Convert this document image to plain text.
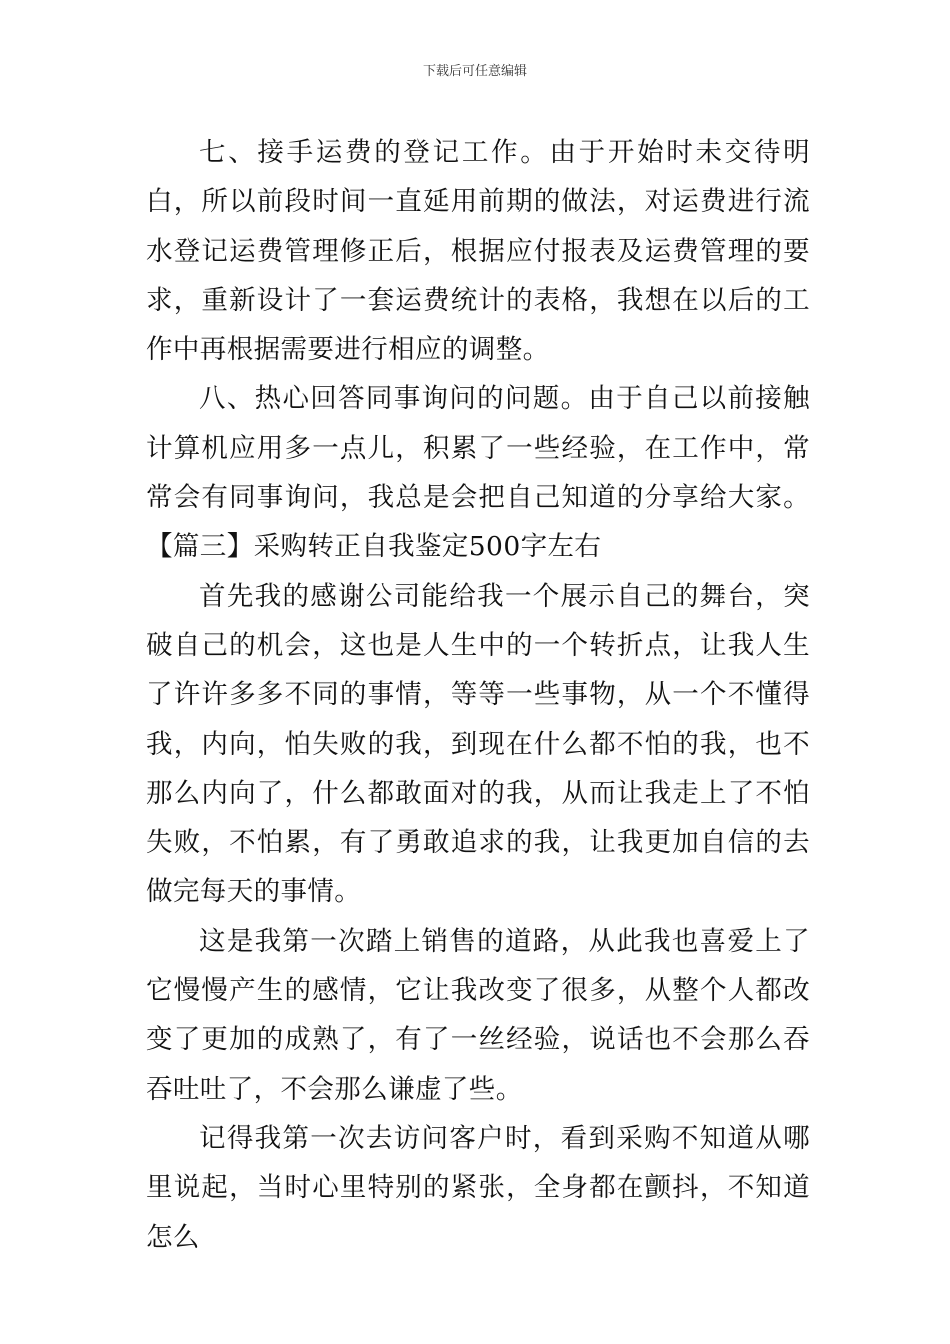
下载后可任意编辑

七、接手运费的登记工作。由于开始时未交待明白，所以前段时间一直延用前期的做法，对运费进行流水登记运费管理修正后，根据应付报表及运费管理的要求，重新设计了一套运费统计的表格，我想在以后的工作中再根据需要进行相应的调整。

八、热心回答同事询问的问题。由于自己以前接触计算机应用多一点儿，积累了一些经验，在工作中，常常会有同事询问，我总是会把自己知道的分享给大家。【篇三】采购转正自我鉴定500字左右

首先我的感谢公司能给我一个展示自己的舞台，突破自己的机会，这也是人生中的一个转折点，让我人生了许许多多不同的事情，等等一些事物，从一个不懂得我，内向，怕失败的我，到现在什么都不怕的我，也不那么内向了，什么都敢面对的我，从而让我走上了不怕失败，不怕累，有了勇敢追求的我，让我更加自信的去做完每天的事情。

这是我第一次踏上销售的道路，从此我也喜爱上了它慢慢产生的感情，它让我改变了很多，从整个人都改变了更加的成熟了，有了一丝经验，说话也不会那么吞吞吐吐了，不会那么谦虚了些。

记得我第一次去访问客户时，看到采购不知道从哪里说起，当时心里特别的紧张，全身都在颤抖，不知道怎么
